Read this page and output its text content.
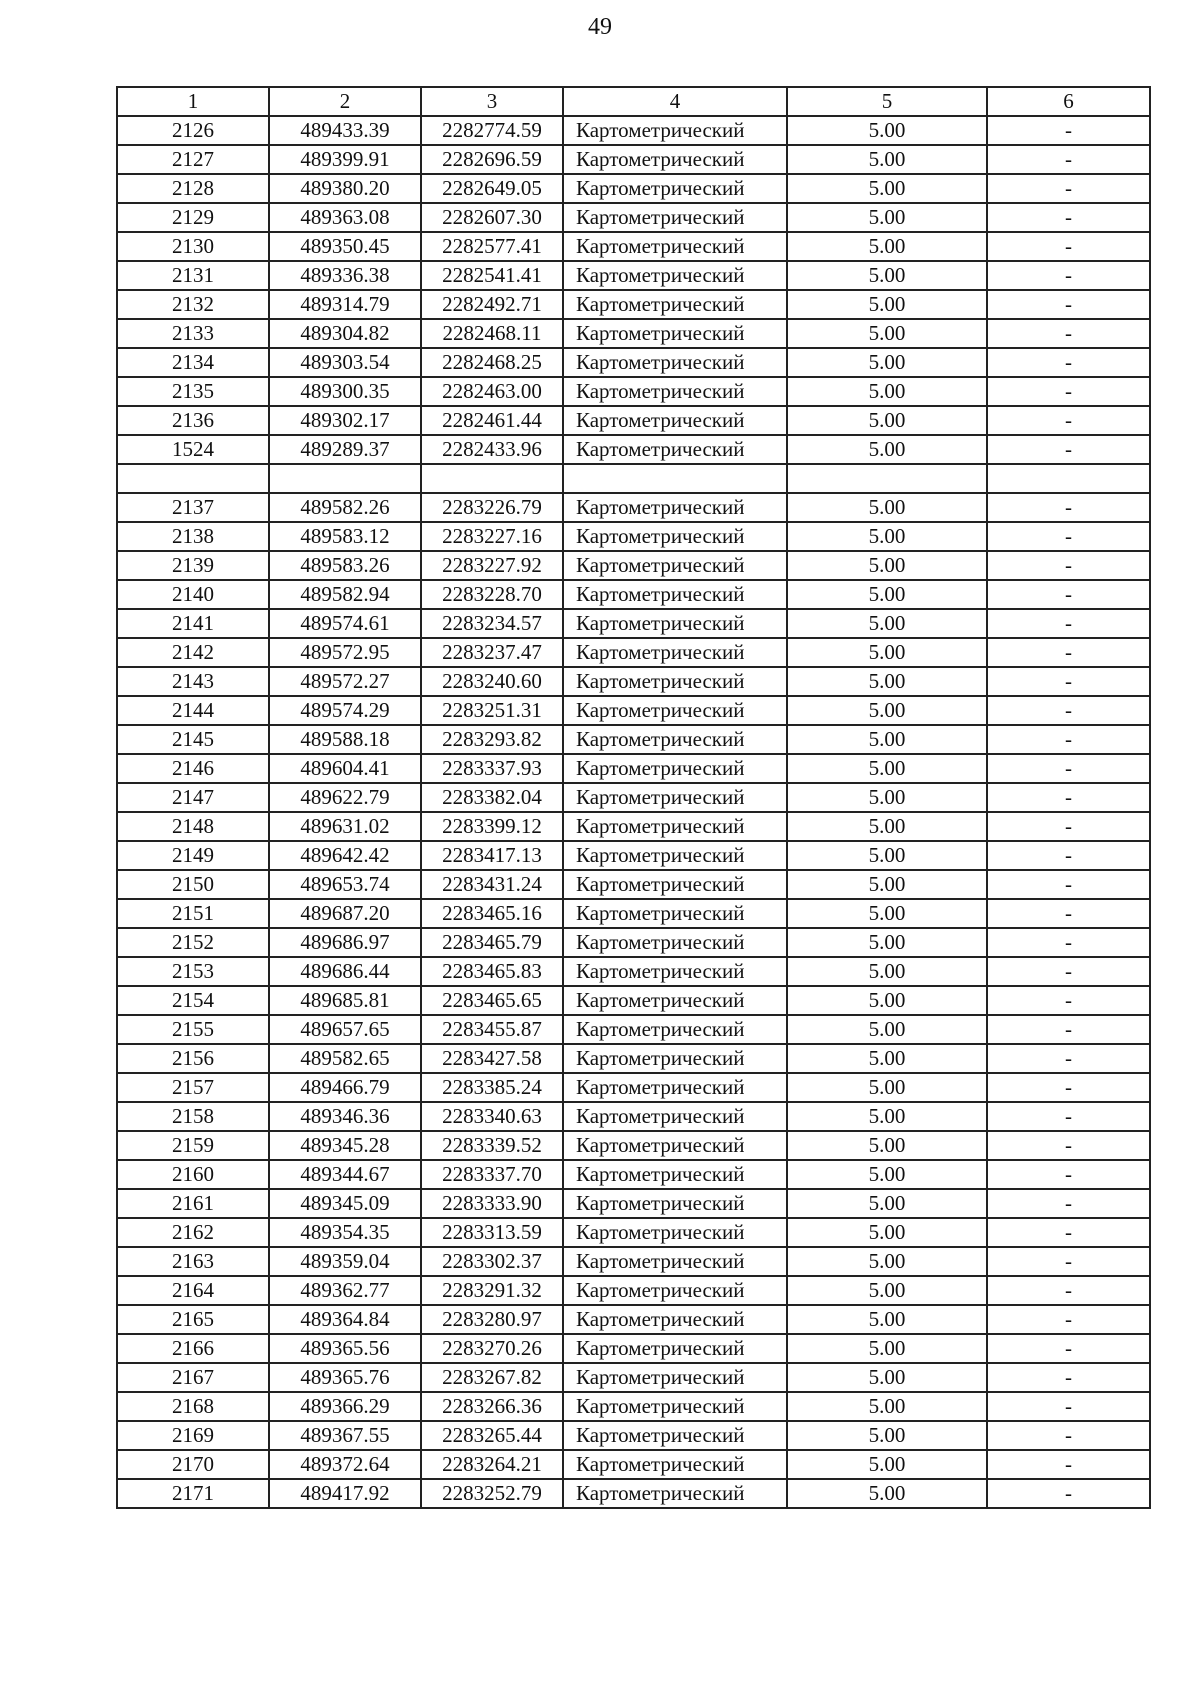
49
1	2	3	4	5	6
2126	489433.39	2282774.59	Картометрический	5.00	-
2127	489399.91	2282696.59	Картометрический	5.00	-
2128	489380.20	2282649.05	Картометрический	5.00	-
2129	489363.08	2282607.30	Картометрический	5.00	-
2130	489350.45	2282577.41	Картометрический	5.00	-
2131	489336.38	2282541.41	Картометрический	5.00	-
2132	489314.79	2282492.71	Картометрический	5.00	-
2133	489304.82	2282468.11	Картометрический	5.00	-
2134	489303.54	2282468.25	Картометрический	5.00	-
2135	489300.35	2282463.00	Картометрический	5.00	-
2136	489302.17	2282461.44	Картометрический	5.00	-
1524	489289.37	2282433.96	Картометрический	5.00	-

2137	489582.26	2283226.79	Картометрический	5.00	-
2138	489583.12	2283227.16	Картометрический	5.00	-
2139	489583.26	2283227.92	Картометрический	5.00	-
2140	489582.94	2283228.70	Картометрический	5.00	-
2141	489574.61	2283234.57	Картометрический	5.00	-
2142	489572.95	2283237.47	Картометрический	5.00	-
2143	489572.27	2283240.60	Картометрический	5.00	-
2144	489574.29	2283251.31	Картометрический	5.00	-
2145	489588.18	2283293.82	Картометрический	5.00	-
2146	489604.41	2283337.93	Картометрический	5.00	-
2147	489622.79	2283382.04	Картометрический	5.00	-
2148	489631.02	2283399.12	Картометрический	5.00	-
2149	489642.42	2283417.13	Картометрический	5.00	-
2150	489653.74	2283431.24	Картометрический	5.00	-
2151	489687.20	2283465.16	Картометрический	5.00	-
2152	489686.97	2283465.79	Картометрический	5.00	-
2153	489686.44	2283465.83	Картометрический	5.00	-
2154	489685.81	2283465.65	Картометрический	5.00	-
2155	489657.65	2283455.87	Картометрический	5.00	-
2156	489582.65	2283427.58	Картометрический	5.00	-
2157	489466.79	2283385.24	Картометрический	5.00	-
2158	489346.36	2283340.63	Картометрический	5.00	-
2159	489345.28	2283339.52	Картометрический	5.00	-
2160	489344.67	2283337.70	Картометрический	5.00	-
2161	489345.09	2283333.90	Картометрический	5.00	-
2162	489354.35	2283313.59	Картометрический	5.00	-
2163	489359.04	2283302.37	Картометрический	5.00	-
2164	489362.77	2283291.32	Картометрический	5.00	-
2165	489364.84	2283280.97	Картометрический	5.00	-
2166	489365.56	2283270.26	Картометрический	5.00	-
2167	489365.76	2283267.82	Картометрический	5.00	-
2168	489366.29	2283266.36	Картометрический	5.00	-
2169	489367.55	2283265.44	Картометрический	5.00	-
2170	489372.64	2283264.21	Картометрический	5.00	-
2171	489417.92	2283252.79	Картометрический	5.00	-
